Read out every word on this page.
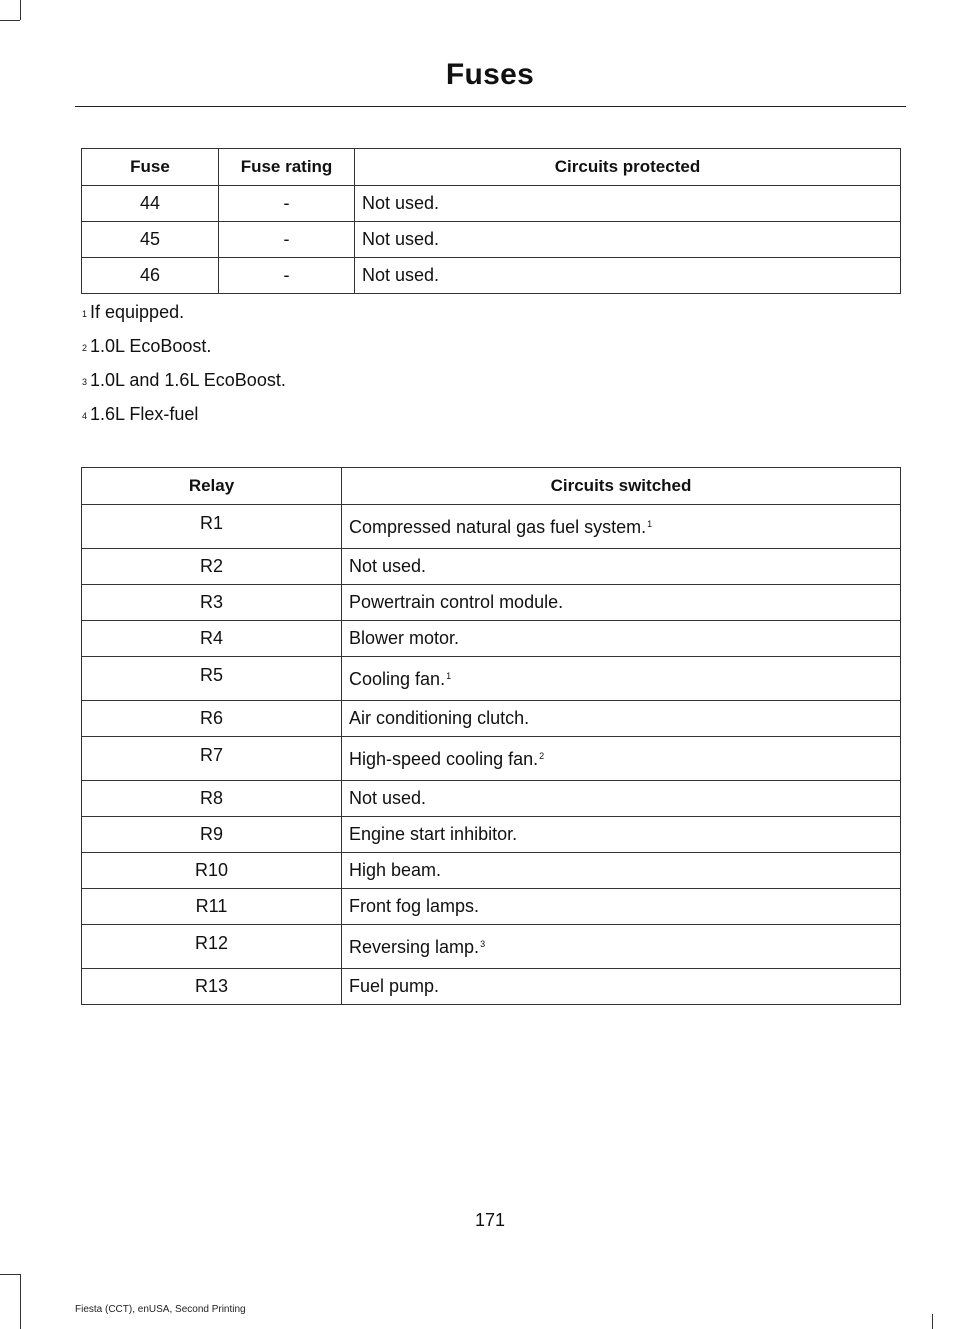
Fuses
Fuse	Fuse rating	Circuits protected
44	-	Not used.
45	-	Not used.
46	-	Not used.
$^1$ If equipped.
$^2$ 1.0L EcoBoost.
$^3$ 1.0L and 1.6L EcoBoost.
$^4$ 1.6L Flex-fuel
Relay	Circuits switched
R1	Compressed natural gas fuel system.$^1$
R2	Not used.
R3	Powertrain control module.
R4	Blower motor.
R5	Cooling fan.$^1$
R6	Air conditioning clutch.
R7	High-speed cooling fan.$^2$
R8	Not used.
R9	Engine start inhibitor.
R10	High beam.
R11	Front fog lamps.
R12	Reversing lamp.$^3$
R13	Fuel pump.
171
Fiesta (CCT), enUSA, Second Printing
